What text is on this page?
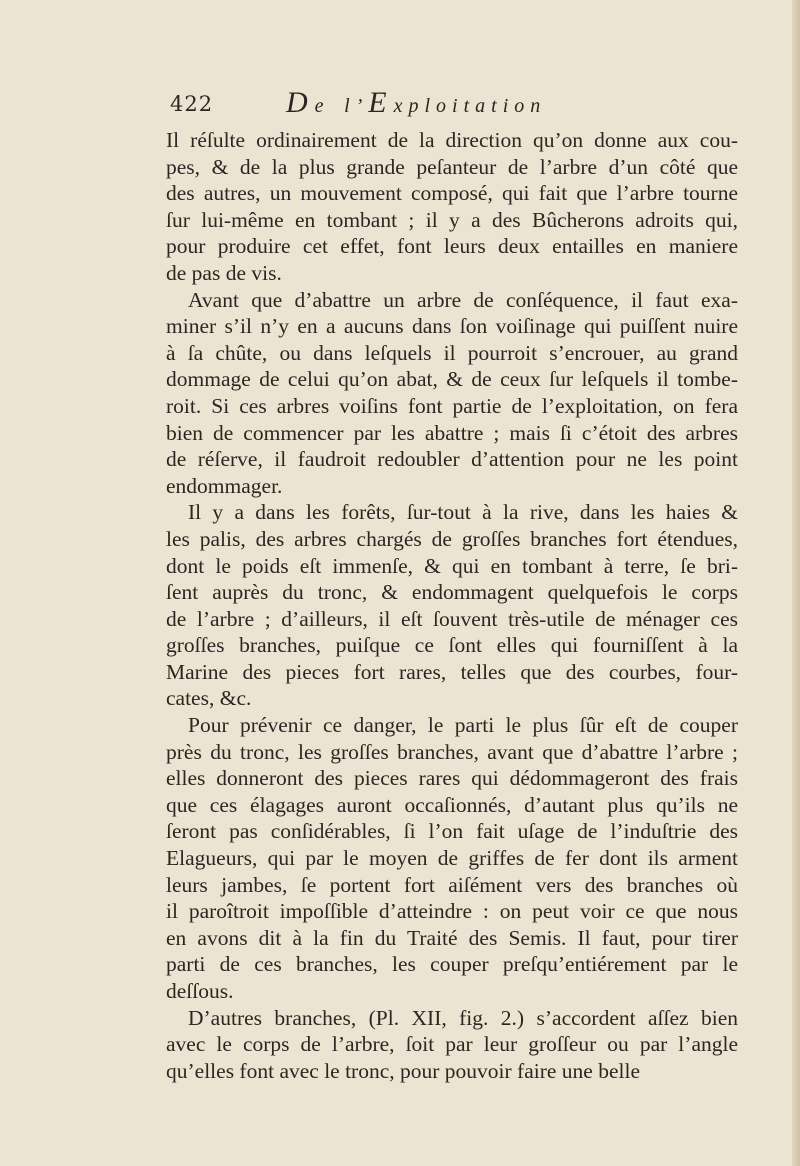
422 De l’Exploitation
Il réſulte ordinairement de la direction qu’on donne aux cou-
pes, & de la plus grande peſanteur de l’arbre d’un côté que
des autres, un mouvement composé, qui fait que l’arbre tourne
ſur lui-même en tombant ; il y a des Bûcherons adroits qui,
pour produire cet effet, font leurs deux entailles en maniere
de pas de vis.
Avant que d’abattre un arbre de conſéquence, il faut exa-
miner s’il n’y en a aucuns dans ſon voiſinage qui puiſſent nuire
à ſa chûte, ou dans leſquels il pourroit s’encrouer, au grand
dommage de celui qu’on abat, & de ceux ſur leſquels il tombe-
roit. Si ces arbres voiſins font partie de l’exploitation, on fera
bien de commencer par les abattre ; mais ſi c’étoit des arbres
de réſerve, il faudroit redoubler d’attention pour ne les point
endommager.
Il y a dans les forêts, ſur-tout à la rive, dans les haies &
les palis, des arbres chargés de groſſes branches fort étendues,
dont le poids eſt immenſe, & qui en tombant à terre, ſe bri-
ſent auprès du tronc, & endommagent quelquefois le corps
de l’arbre ; d’ailleurs, il eſt ſouvent très-utile de ménager ces
groſſes branches, puiſque ce ſont elles qui fourniſſent à la
Marine des pieces fort rares, telles que des courbes, four-
cates, &c.
Pour prévenir ce danger, le parti le plus ſûr eſt de couper
près du tronc, les groſſes branches, avant que d’abattre l’arbre ;
elles donneront des pieces rares qui dédommageront des frais
que ces élagages auront occaſionnés, d’autant plus qu’ils ne
ſeront pas conſidérables, ſi l’on fait uſage de l’induſtrie des
Elagueurs, qui par le moyen de griffes de fer dont ils arment
leurs jambes, ſe portent fort aiſément vers des branches où
il paroîtroit impoſſible d’atteindre : on peut voir ce que nous
en avons dit à la fin du Traité des Semis. Il faut, pour tirer
parti de ces branches, les couper preſqu’entiérement par le
deſſous.
D’autres branches, (Pl. XII, fig. 2.) s’accordent aſſez bien
avec le corps de l’arbre, ſoit par leur groſſeur ou par l’angle
qu’elles font avec le tronc, pour pouvoir faire une belle
